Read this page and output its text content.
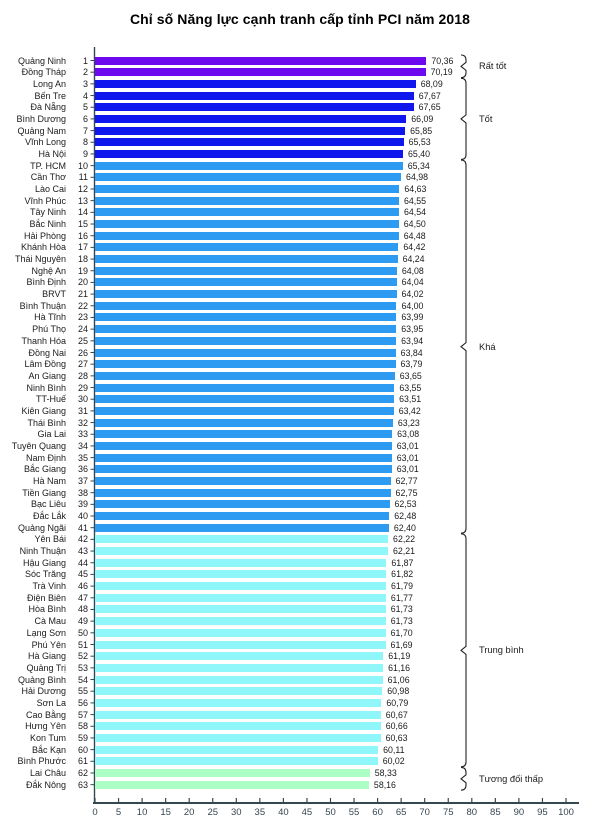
Chỉ số Năng lực cạnh tranh cấp tỉnh PCI năm 2018
Quảng Ninh	1	70,36
Đồng Tháp	2	70,19
Long An	3	68,09
Bến Tre	4	67,67
Đà Nẵng	5	67,65
Bình Dương	6	66,09
Quảng Nam	7	65,85
Vĩnh Long	8	65,53
Hà Nội	9	65,40
TP. HCM	10	65,34
Cần Thơ	11	64,98
Lào Cai	12	64,63
Vĩnh Phúc	13	64,55
Tây Ninh	14	64,54
Bắc Ninh	15	64,50
Hải Phòng	16	64,48
Khánh Hòa	17	64,42
Thái Nguyên	18	64,24
Nghệ An	19	64,08
Bình Định	20	64,04
BRVT	21	64,02
Bình Thuận	22	64,00
Hà Tĩnh	23	63,99
Phú Thọ	24	63,95
Thanh Hóa	25	63,94
Đồng Nai	26	63,84
Lâm Đồng	27	63,79
An Giang	28	63,65
Ninh Bình	29	63,55
TT-Huế	30	63,51
Kiên Giang	31	63,42
Thái Bình	32	63,23
Gia Lai	33	63,08
Tuyên Quang	34	63,01
Nam Định	35	63,01
Bắc Giang	36	63,01
Hà Nam	37	62,77
Tiền Giang	38	62,75
Bạc Liêu	39	62,53
Đắc Lắk	40	62,48
Quảng Ngãi	41	62,40
Yên Bái	42	62,22
Ninh Thuận	43	62,21
Hậu Giang	44	61,87
Sóc Trăng	45	61,82
Trà Vinh	46	61,79
Điện Biên	47	61,77
Hòa Bình	48	61,73
Cà Mau	49	61,73
Lạng Sơn	50	61,70
Phú Yên	51	61,69
Hà Giang	52	61,19
Quảng Trị	53	61,16
Quảng Bình	54	61,06
Hải Dương	55	60,98
Sơn La	56	60,79
Cao Bằng	57	60,67
Hưng Yên	58	60,66
Kon Tum	59	60,63
Bắc Kạn	60	60,11
Bình Phước	61	60,02
Lai Châu	62	58,33
Đắk Nông	63	58,16
0 5 10 15 20 25 30 35 40 45 50 55 60 65 70 75 80 85 90 95 100
Rất tốt
Tốt
Khá
Trung bình
Tương đối thấp
